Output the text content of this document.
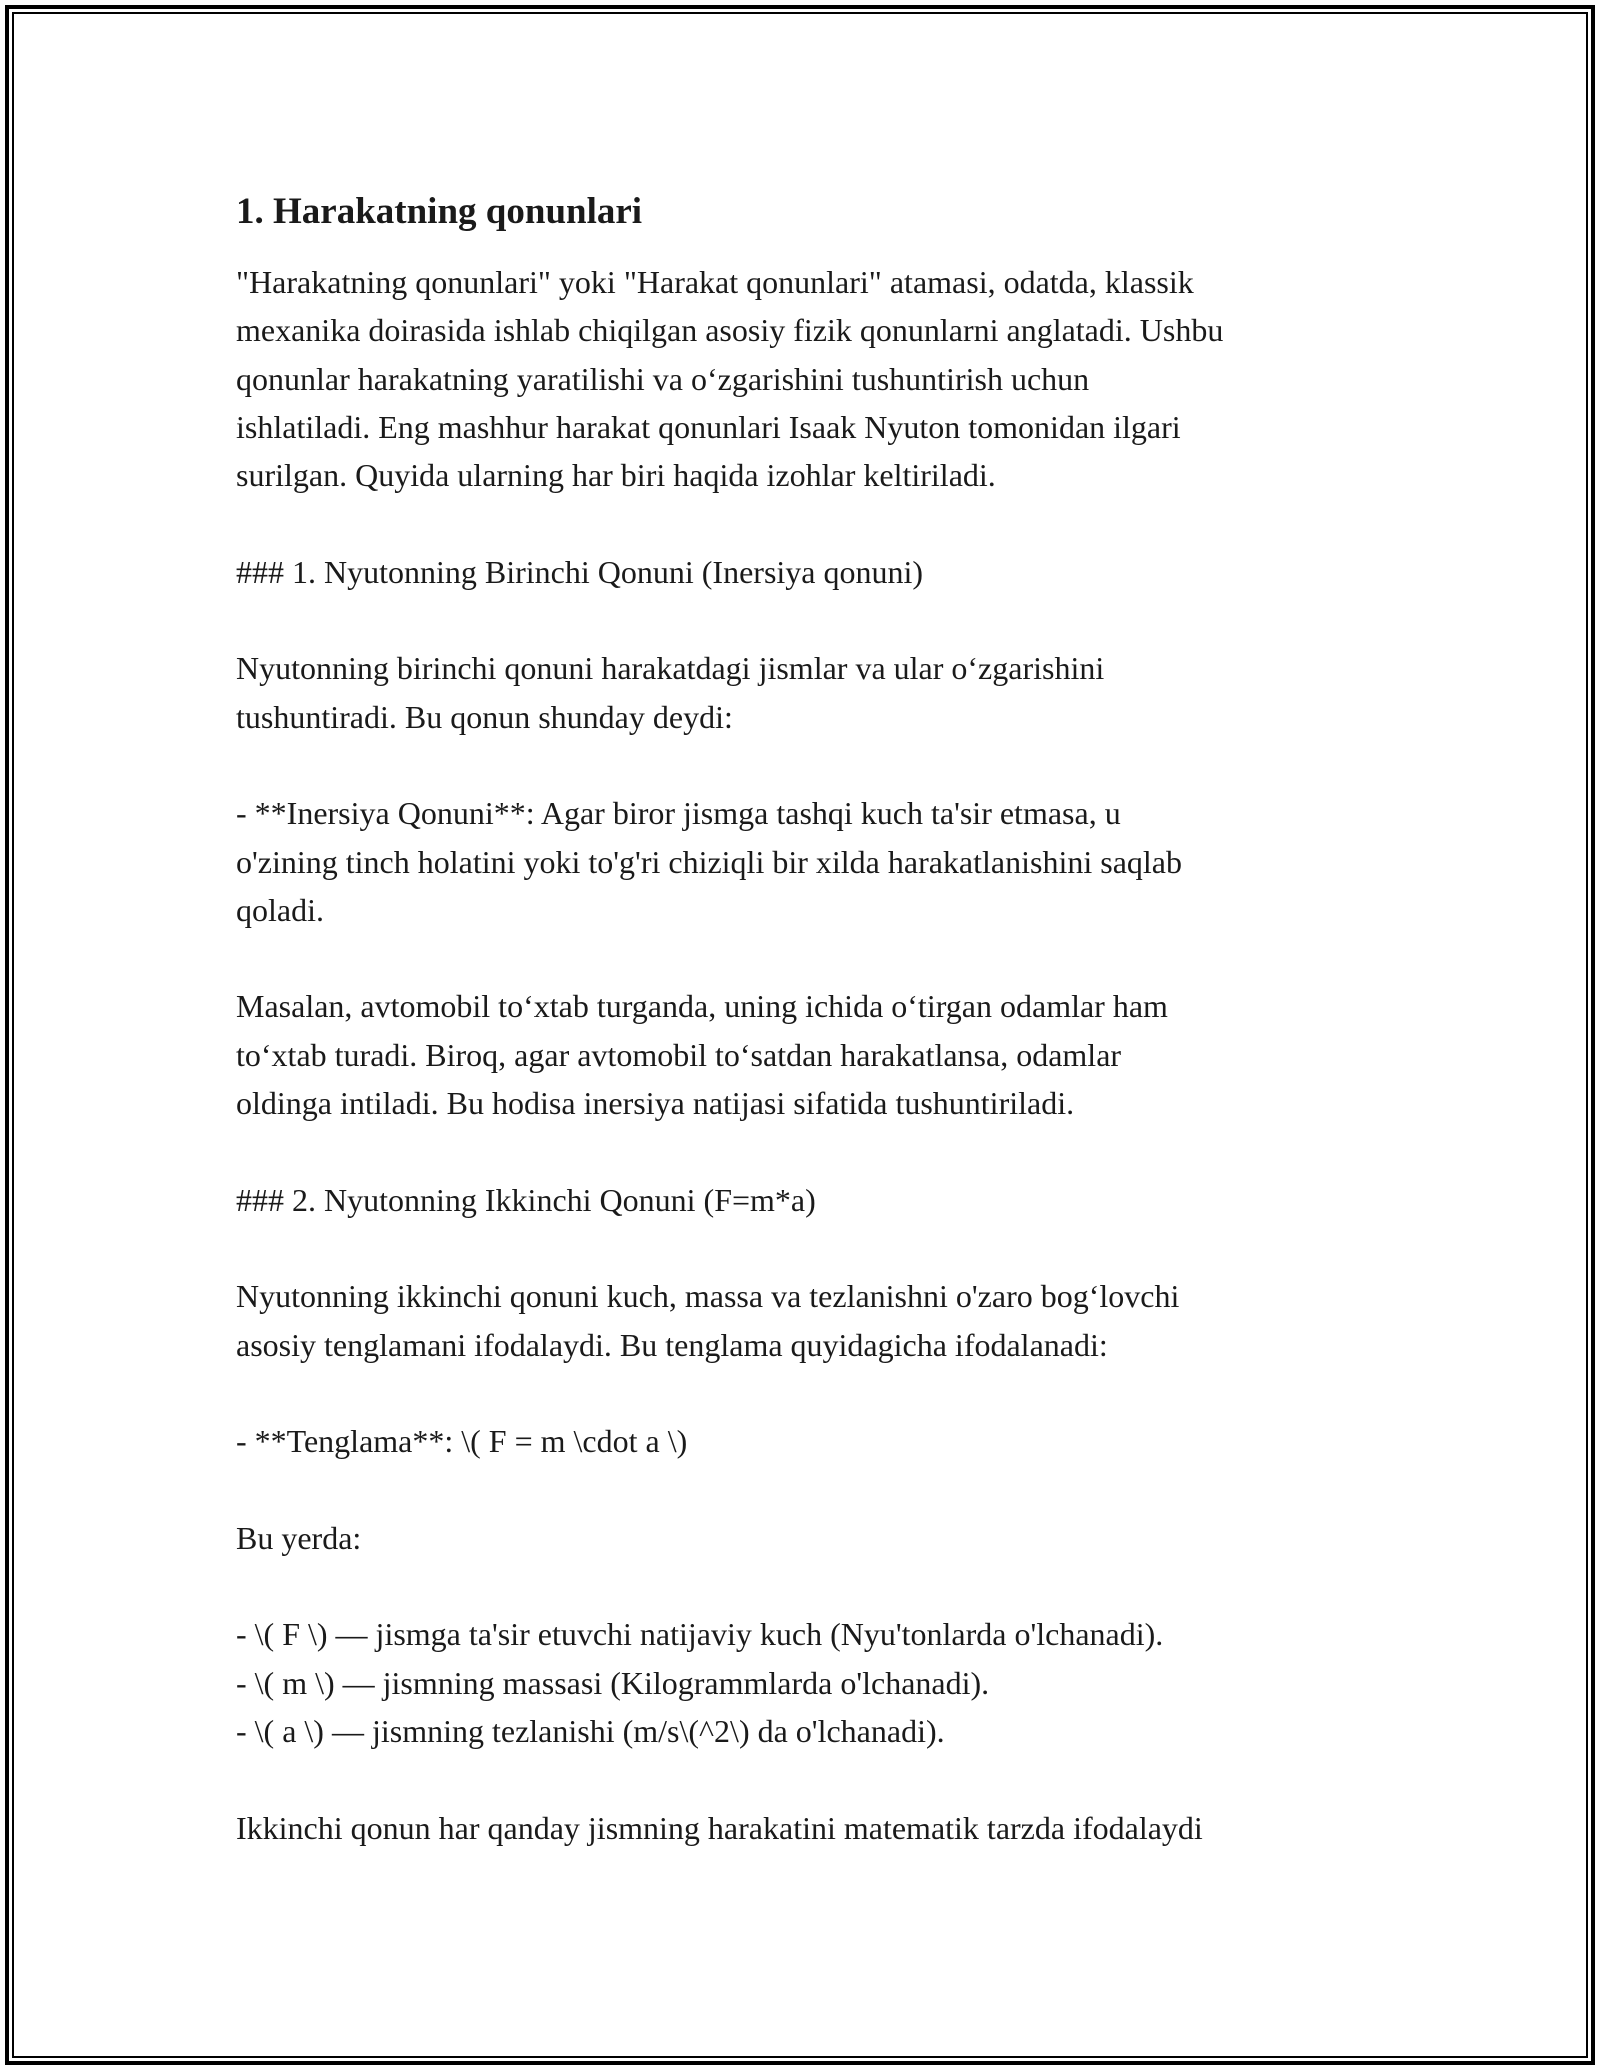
1. Harakatning qonunlari
"Harakatning qonunlari" yoki "Harakat qonunlari" atamasi, odatda, klassik
mexanika doirasida ishlab chiqilgan asosiy fizik qonunlarni anglatadi. Ushbu
qonunlar harakatning yaratilishi va o‘zgarishini tushuntirish uchun
ishlatiladi. Eng mashhur harakat qonunlari Isaak Nyuton tomonidan ilgari
surilgan. Quyida ularning har biri haqida izohlar keltiriladi.
### 1. Nyutonning Birinchi Qonuni (Inersiya qonuni)
Nyutonning birinchi qonuni harakatdagi jismlar va ular o‘zgarishini
tushuntiradi. Bu qonun shunday deydi:
- **Inersiya Qonuni**: Agar biror jismga tashqi kuch ta'sir etmasa, u
o'zining tinch holatini yoki to'g'ri chiziqli bir xilda harakatlanishini saqlab
qoladi.
Masalan, avtomobil to‘xtab turganda, uning ichida o‘tirgan odamlar ham
to‘xtab turadi. Biroq, agar avtomobil to‘satdan harakatlansa, odamlar
oldinga intiladi. Bu hodisa inersiya natijasi sifatida tushuntiriladi.
### 2. Nyutonning Ikkinchi Qonuni (F=m*a)
Nyutonning ikkinchi qonuni kuch, massa va tezlanishni o'zaro bog‘lovchi
asosiy tenglamani ifodalaydi. Bu tenglama quyidagicha ifodalanadi:
- **Tenglama**: \( F = m \cdot a \)
Bu yerda:
- \( F \) — jismga ta'sir etuvchi natijaviy kuch (Nyu'tonlarda o'lchanadi).
- \( m \) — jismning massasi (Kilogrammlarda o'lchanadi).
- \( a \) — jismning tezlanishi (m/s\(^2\) da o'lchanadi).
Ikkinchi qonun har qanday jismning harakatini matematik tarzda ifodalaydi
